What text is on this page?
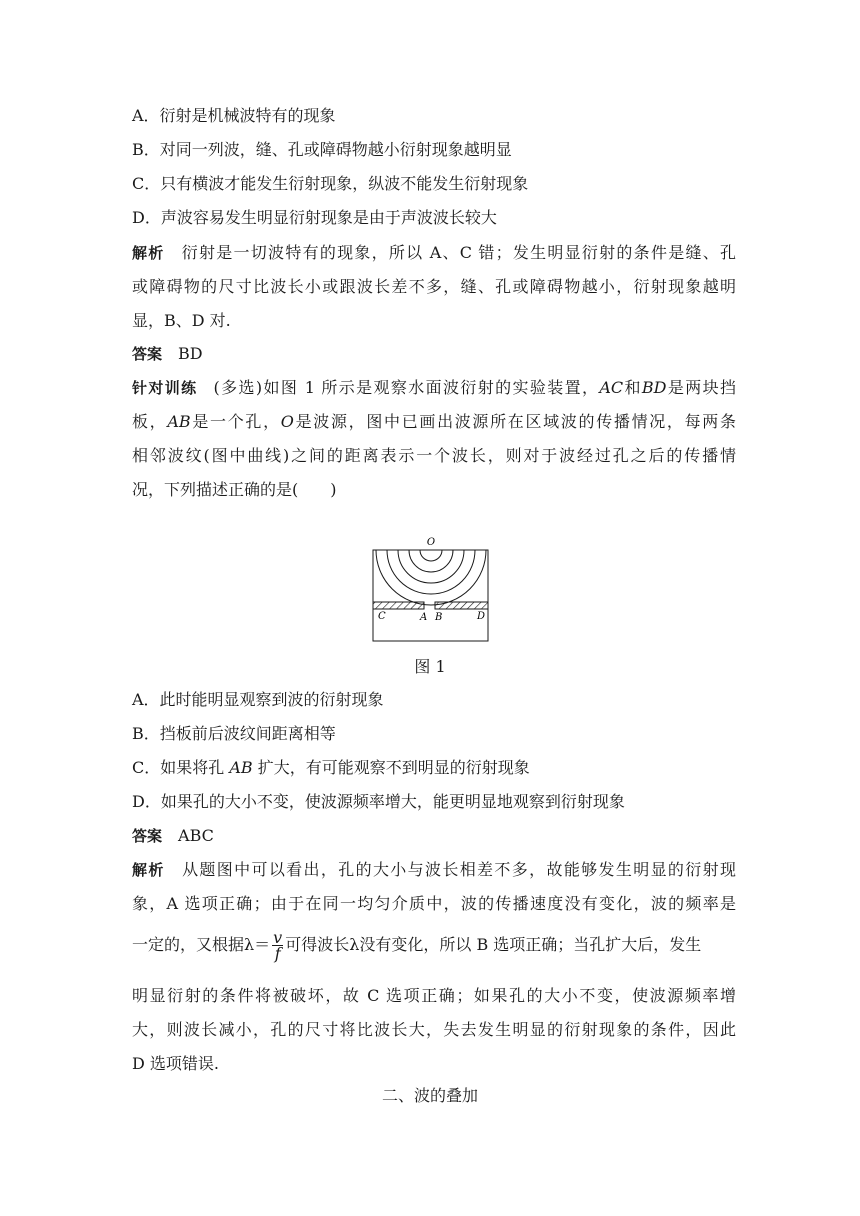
A．衍射是机械波特有的现象
B．对同一列波，缝、孔或障碍物越小衍射现象越明显
C．只有横波才能发生衍射现象，纵波不能发生衍射现象
D．声波容易发生明显衍射现象是由于声波波长较大
解析 衍射是一切波特有的现象，所以 A、C 错；发生明显衍射的条件是缝、孔
或障碍物的尺寸比波长小或跟波长差不多，缝、孔或障碍物越小，衍射现象越明
显，B、D 对.
答案 BD
针对训练 (多选)如图 1 所示是观察水面波衍射的实验装置，AC和BD是两块挡
板，AB是一个孔，O是波源，图中已画出波源所在区域波的传播情况，每两条
相邻波纹(图中曲线)之间的距离表示一个波长，则对于波经过孔之后的传播情
况，下列描述正确的是(　　)
O
C	A B	D
图 1
A．此时能明显观察到波的衍射现象
B．挡板前后波纹间距离相等
C．如果将孔 AB 扩大，有可能观察不到明显的衍射现象
D．如果孔的大小不变，使波源频率增大，能更明显地观察到衍射现象
答案 ABC
解析 从题图中可以看出，孔的大小与波长相差不多，故能够发生明显的衍射现
象，A 选项正确；由于在同一均匀介质中，波的传播速度没有变化，波的频率是
一定的，又根据$\lambda= \frac{v}{f}$ 可得波长λ没有变化，所以 B 选项正确；当孔扩大后，发生
明显衍射的条件将被破坏，故 C 选项正确；如果孔的大小不变，使波源频率增
大，则波长减小，孔的尺寸将比波长大，失去发生明显的衍射现象的条件，因此
D 选项错误.
二、波的叠加
